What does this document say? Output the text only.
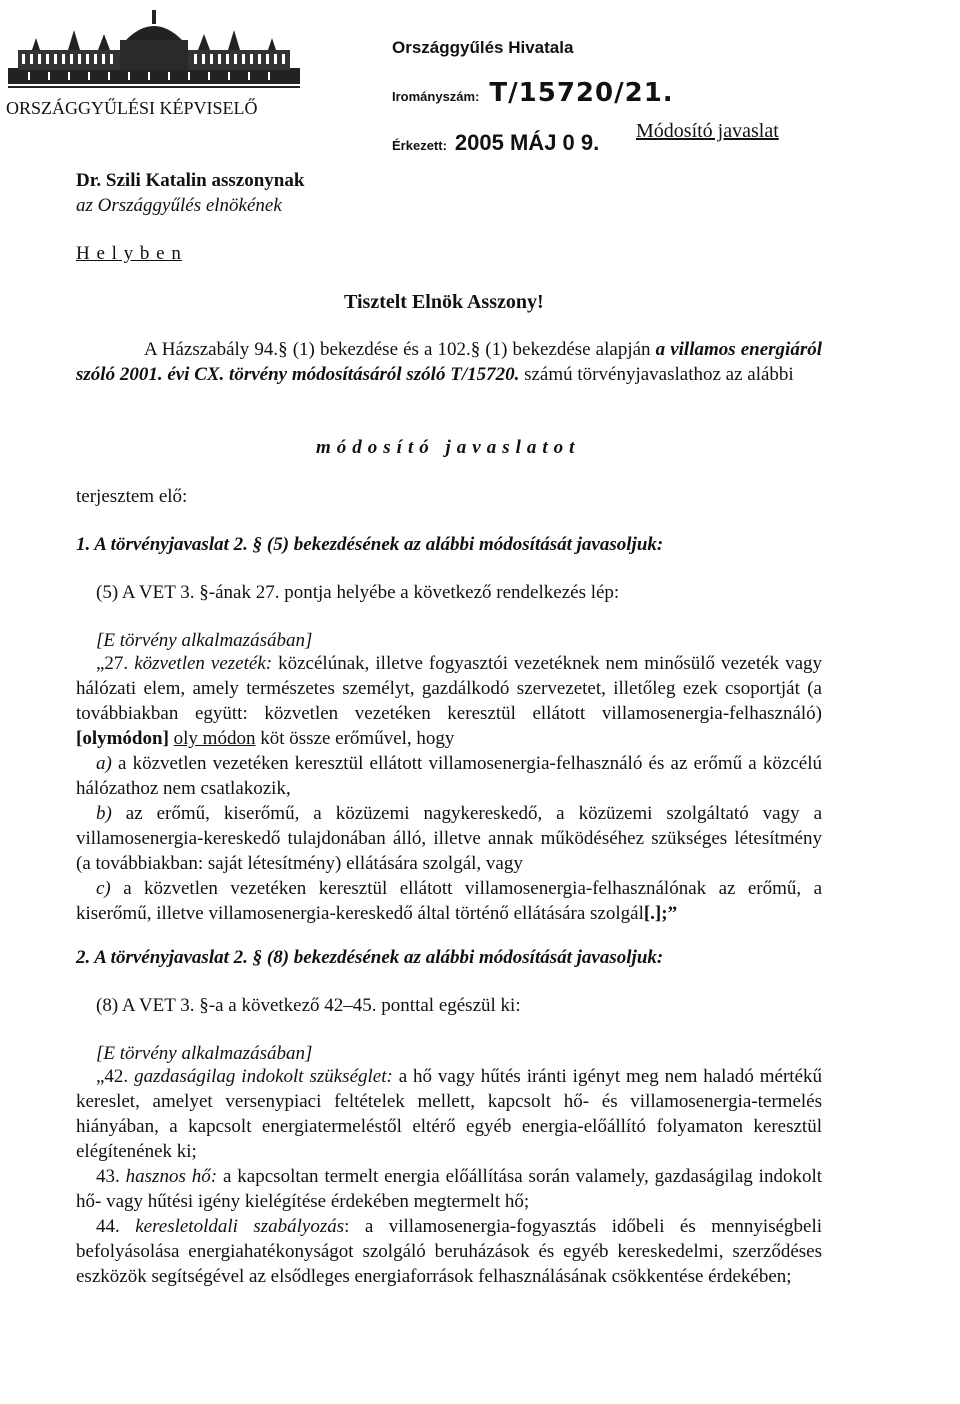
ORSZÁGGYŰLÉSI KÉPVISELŐ
Országgyűlés Hivatala
Irományszám: T/15720/21.
Érkezett: 2005 MÁJ 0 9. Módosító javaslat
Dr. Szili Katalin asszonynak
az Országgyűlés elnökének
H e l y b e n
Tisztelt Elnök Asszony!

A Házszabály 94.§ (1) bekezdése és a 102.§ (1) bekezdése alapján a villamos energiáról szóló 2001. évi CX. törvény módosításáról szóló T/15720. számú törvényjavaslathoz az alábbi

módosító javaslatot
terjesztem elő:
1. A törvényjavaslat 2. § (5) bekezdésének az alábbi módosítását javasoljuk:
(5) A VET 3. §-ának 27. pontja helyébe a következő rendelkezés lép:
[E törvény alkalmazásában]

„27. közvetlen vezeték: közcélúnak, illetve fogyasztói vezetéknek nem minősülő vezeték vagy hálózati elem, amely természetes személyt, gazdálkodó szervezetet, illetőleg ezek csoportját (a továbbiakban együtt: közvetlen vezetéken keresztül ellátott villamosenergia-felhasználó) [olymódon] oly módon köt össze erőművel, hogy

a) a közvetlen vezetéken keresztül ellátott villamosenergia-felhasználó és az erőmű a közcélú hálózathoz nem csatlakozik,

b) az erőmű, kiserőmű, a közüzemi nagykereskedő, a közüzemi szolgáltató vagy a villamosenergia-kereskedő tulajdonában álló, illetve annak működéséhez szükséges létesítmény (a továbbiakban: saját létesítmény) ellátására szolgál, vagy

c) a közvetlen vezetéken keresztül ellátott villamosenergia-felhasználónak az erőmű, a kiserőmű, illetve villamosenergia-kereskedő által történő ellátására szolgál[.];”

2. A törvényjavaslat 2. § (8) bekezdésének az alábbi módosítását javasoljuk:
(8) A VET 3. §-a a következő 42–45. ponttal egészül ki:
[E törvény alkalmazásában]

„42. gazdaságilag indokolt szükséglet: a hő vagy hűtés iránti igényt meg nem haladó mértékű kereslet, amelyet versenypiaci feltételek mellett, kapcsolt hő- és villamosenergia-termelés hiányában, a kapcsolt energiatermeléstől eltérő egyéb energia-előállító folyamaton keresztül elégítenének ki;

43. hasznos hő: a kapcsoltan termelt energia előállítása során valamely, gazdaságilag indokolt hő- vagy hűtési igény kielégítése érdekében megtermelt hő;

44. keresletoldali szabályozás: a villamosenergia-fogyasztás időbeli és mennyiségbeli befolyásolása energiahatékonyságot szolgáló beruházások és egyéb kereskedelmi, szerződéses eszközök segítségével az elsődleges energiaforrások felhasználásának csökkentése érdekében;
